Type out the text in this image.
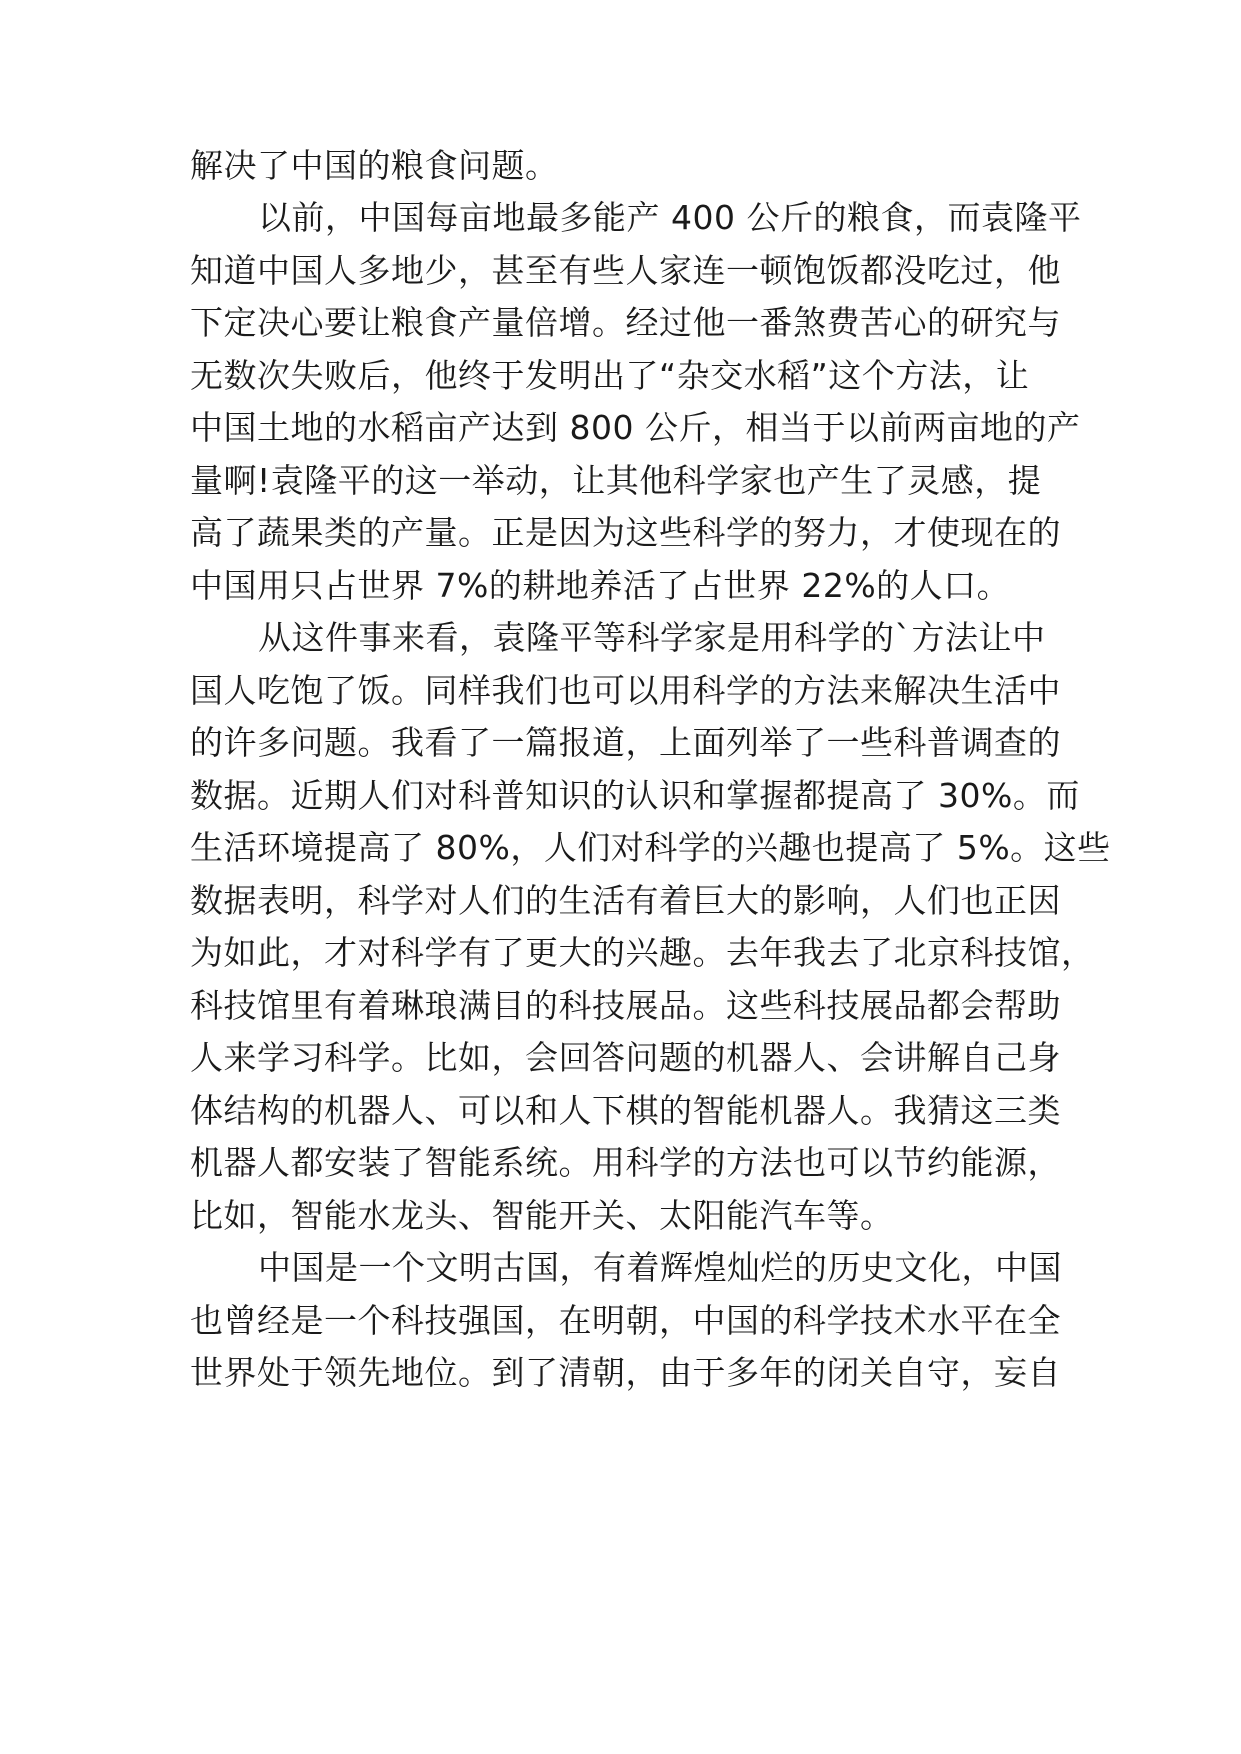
解决了中国的粮食问题。

以前，中国每亩地最多能产 400 公斤的粮食，而袁隆平

知道中国人多地少，甚至有些人家连一顿饱饭都没吃过，他

下定决心要让粮食产量倍增。经过他一番煞费苦心的研究与

无数次失败后，他终于发明出了“杂交水稻”这个方法，让

中国土地的水稻亩产达到 800 公斤，相当于以前两亩地的产

量啊!袁隆平的这一举动，让其他科学家也产生了灵感，提

高了蔬果类的产量。正是因为这些科学的努力，才使现在的

中国用只占世界 7%的耕地养活了占世界 22%的人口。

从这件事来看，袁隆平等科学家是用科学的`方法让中

国人吃饱了饭。同样我们也可以用科学的方法来解决生活中

的许多问题。我看了一篇报道，上面列举了一些科普调查的

数据。近期人们对科普知识的认识和掌握都提高了 30%。而

生活环境提高了 80%，人们对科学的兴趣也提高了 5%。这些

数据表明，科学对人们的生活有着巨大的影响，人们也正因

为如此，才对科学有了更大的兴趣。去年我去了北京科技馆，

科技馆里有着琳琅满目的科技展品。这些科技展品都会帮助

人来学习科学。比如，会回答问题的机器人、会讲解自己身

体结构的机器人、可以和人下棋的智能机器人。我猜这三类

机器人都安装了智能系统。用科学的方法也可以节约能源，

比如，智能水龙头、智能开关、太阳能汽车等。

中国是一个文明古国，有着辉煌灿烂的历史文化，中国

也曾经是一个科技强国，在明朝，中国的科学技术水平在全

世界处于领先地位。到了清朝，由于多年的闭关自守，妄自
